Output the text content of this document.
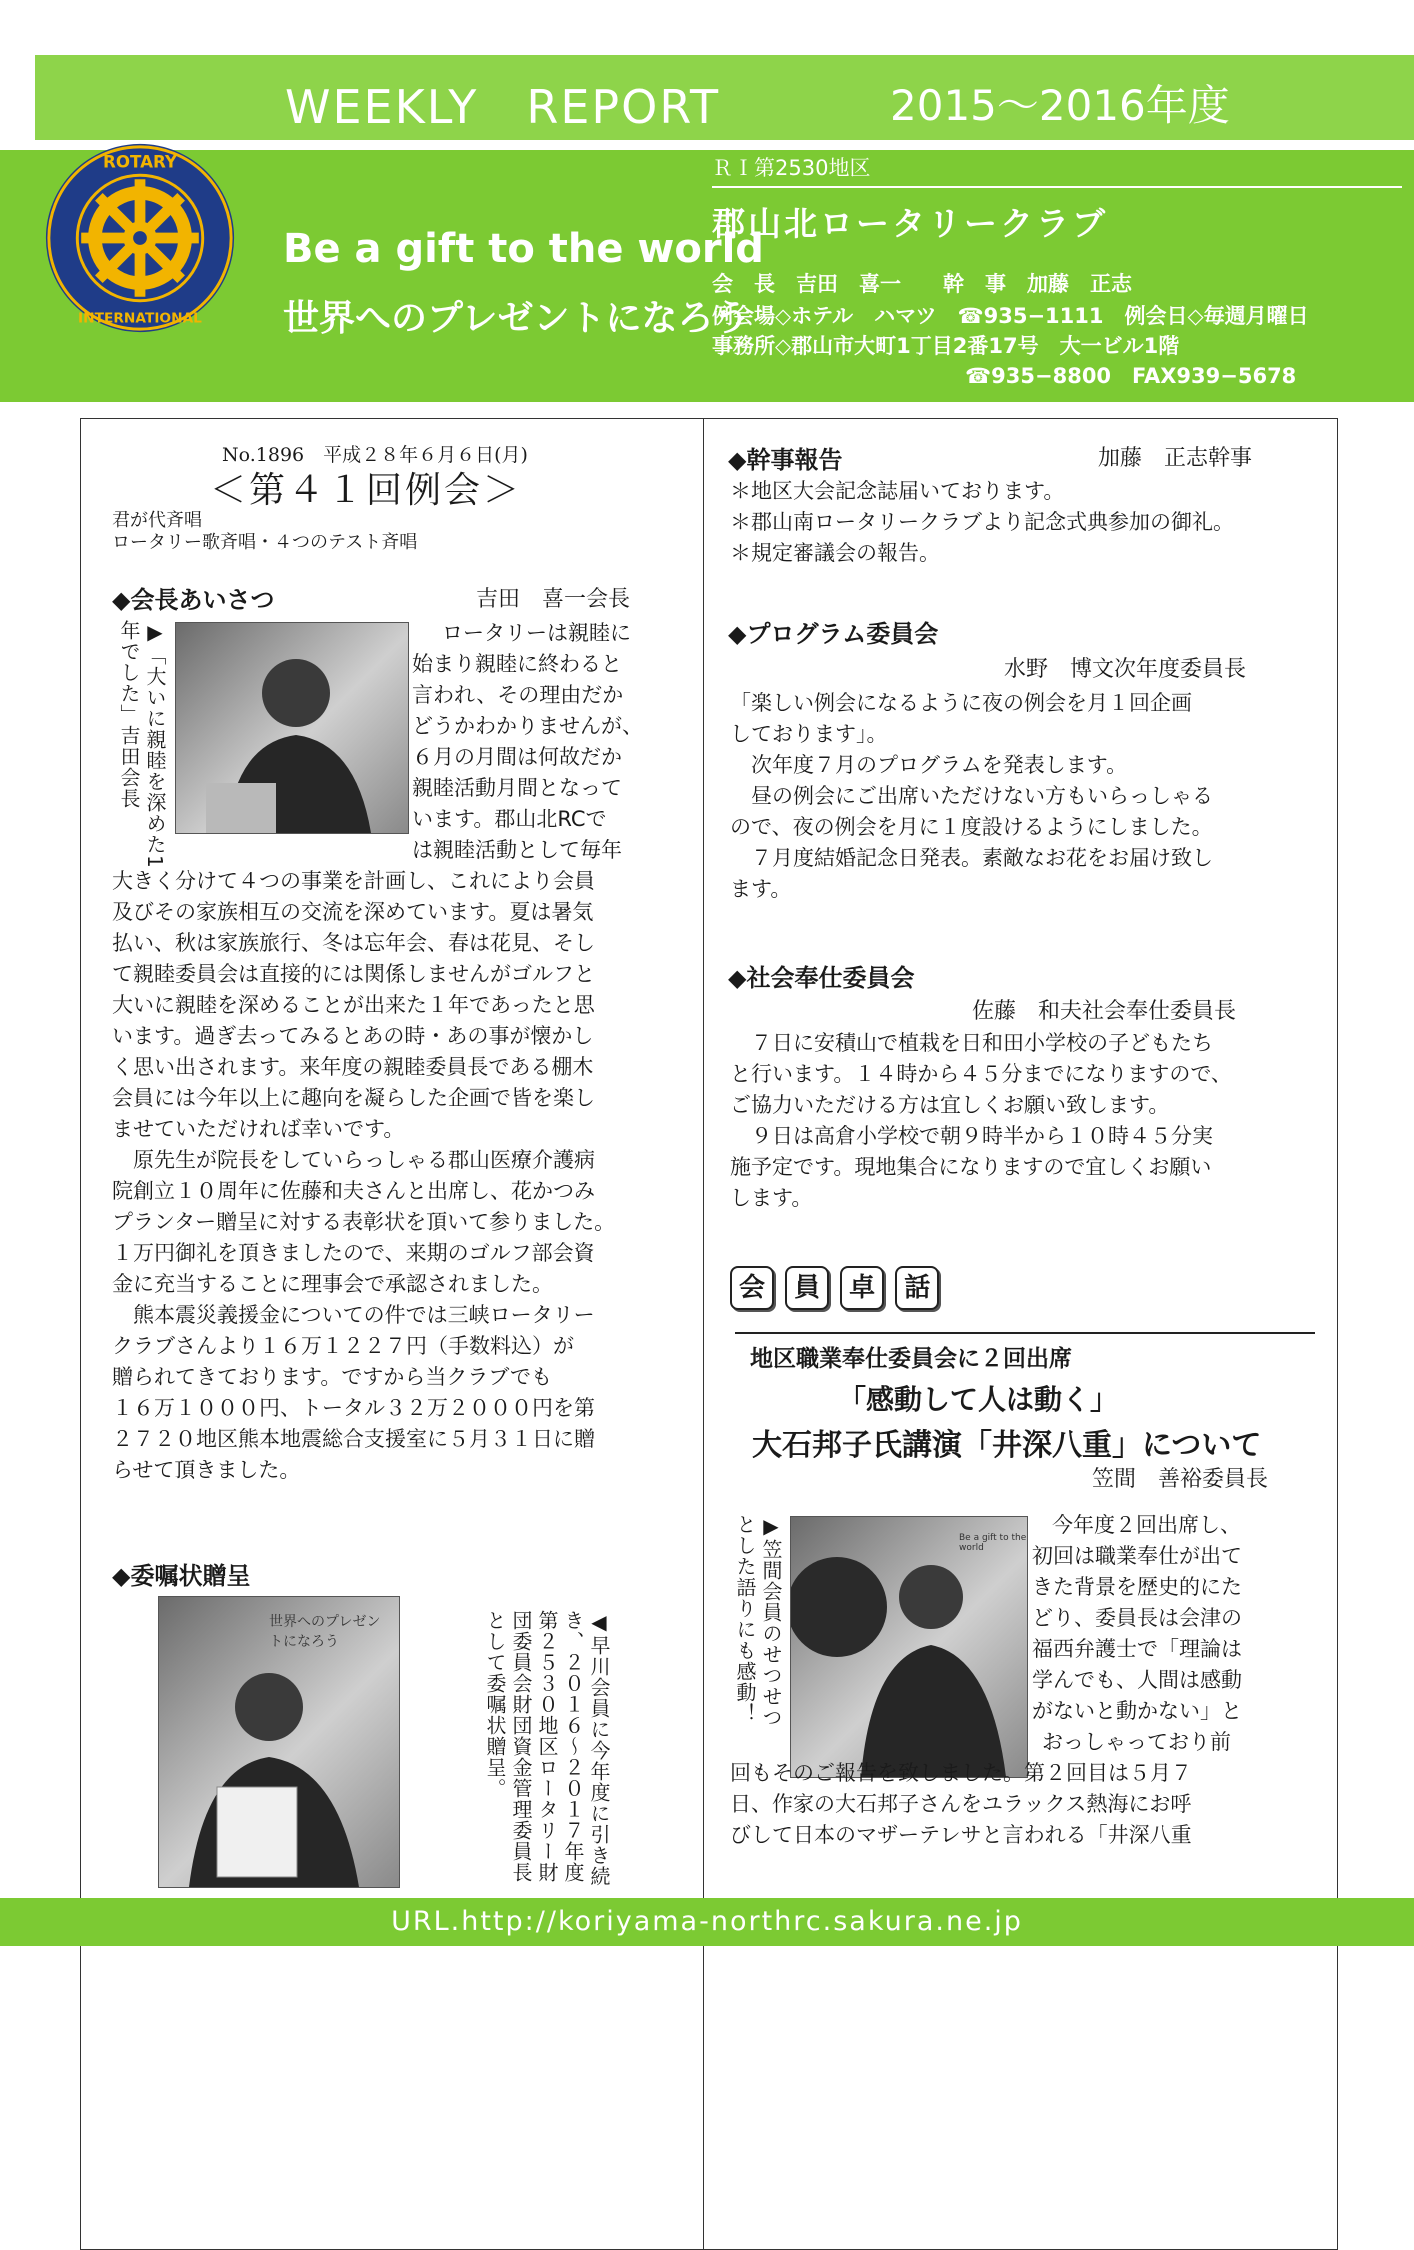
WEEKLY　REPORT	2015〜2016年度
ROTARY
INTERNATIONAL
Be a gift to the world
世界へのプレゼントになろう
ＲＩ第2530地区
郡山北ロータリークラブ
会　長　吉田　喜一　　幹　事　加藤　正志
例会場◇ホテル　ハマツ　☎935−1111　例会日◇毎週月曜日
事務所◇郡山市大町1丁目2番17号　大一ビル1階
☎935−8800　FAX939−5678
No.1896　平成２８年６月６日(月)
＜第４１回例会＞
君が代斉唱
ロータリー歌斉唱・４つのテスト斉唱
◆会長あいさつ	吉田　喜一会長
▶「大いに親睦を深めた1年でした」吉田会長	ロータリーは親睦に
始まり親睦に終わると
言われ、その理由だか
どうかわかりませんが、
６月の月間は何故だか
親睦活動月間となって
います。郡山北RCで
は親睦活動として毎年
大きく分けて４つの事業を計画し、これにより会員
及びその家族相互の交流を深めています。夏は暑気
払い、秋は家族旅行、冬は忘年会、春は花見、そし
て親睦委員会は直接的には関係しませんがゴルフと
大いに親睦を深めることが出来た１年であったと思
います。過ぎ去ってみるとあの時・あの事が懐かし
く思い出されます。来年度の親睦委員長である棚木
会員には今年以上に趣向を凝らした企画で皆を楽し
ませていただければ幸いです。
　原先生が院長をしていらっしゃる郡山医療介護病
院創立１０周年に佐藤和夫さんと出席し、花かつみ
プランター贈呈に対する表彰状を頂いて参りました。
１万円御礼を頂きましたので、来期のゴルフ部会資
金に充当することに理事会で承認されました。
　熊本震災義援金についての件では三峡ロータリー
クラブさんより１６万１２２７円（手数料込）が
贈られてきております。ですから当クラブでも
１６万１０００円、トータル３２万２０００円を第
２７２０地区熊本地震総合支援室に５月３１日に贈
らせて頂きました。
◆委嘱状贈呈
世界へのプレゼントになろう	◀早川会員に今年度に引き続き、２０１６〜２０１７年度第２５３０地区ロータリー財団委員会財団資金管理委員長として委嘱状贈呈。
◆幹事報告	加藤　正志幹事
＊地区大会記念誌届いております。
＊郡山南ロータリークラブより記念式典参加の御礼。
＊規定審議会の報告。
◆プログラム委員会
水野　博文次年度委員長
「楽しい例会になるように夜の例会を月１回企画
しております」。
　次年度７月のプログラムを発表します。
　昼の例会にご出席いただけない方もいらっしゃる
ので、夜の例会を月に１度設けるようにしました。
　７月度結婚記念日発表。素敵なお花をお届け致し
ます。
◆社会奉仕委員会
佐藤　和夫社会奉仕委員長
　７日に安積山で植栽を日和田小学校の子どもたち
と行います。１４時から４５分までになりますので、
ご協力いただける方は宜しくお願い致します。
　９日は高倉小学校で朝９時半から１０時４５分実
施予定です。現地集合になりますので宜しくお願い
します。
会 員 卓 話
地区職業奉仕委員会に２回出席
「感動して人は動く」
大石邦子氏講演「井深八重」について
笠間　善裕委員長
▶笠間会員のせつせつとした語りにも感動！	Be a gift to the world
今年度２回出席し、
初回は職業奉仕が出て
きた背景を歴史的にた
どり、委員長は会津の
福西弁護士で「理論は
学んでも、人間は感動
がないと動かない」と
おっしゃっており前
回もそのご報告を致しました。第２回目は５月７
日、作家の大石邦子さんをユラックス熱海にお呼
びして日本のマザーテレサと言われる「井深八重
URL.http://koriyama-northrc.sakura.ne.jp
